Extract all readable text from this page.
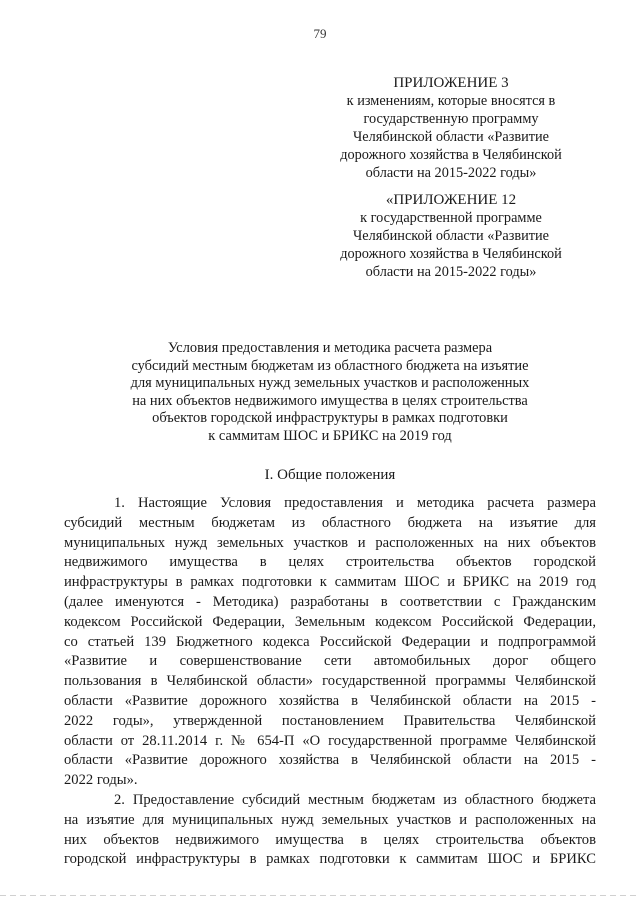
79
ПРИЛОЖЕНИЕ 3
к изменениям, которые вносятся в
государственную программу
Челябинской области «Развитие
дорожного хозяйства в Челябинской
области на 2015-2022 годы»
«ПРИЛОЖЕНИЕ 12
к государственной программе
Челябинской области «Развитие
дорожного хозяйства в Челябинской
области на 2015-2022 годы»
Условия предоставления и методика расчета размера
субсидий местным бюджетам из областного бюджета на изъятие
для муниципальных нужд земельных участков и расположенных
на них объектов недвижимого имущества в целях строительства
объектов городской инфраструктуры в рамках подготовки
к саммитам ШОС и БРИКС на 2019 год
I. Общие положения
1. Настоящие Условия предоставления и методика расчета размера
субсидий местным бюджетам из областного бюджета на изъятие для
муниципальных нужд земельных участков и расположенных на них объектов
недвижимого имущества в целях строительства объектов городской
инфраструктуры в рамках подготовки к саммитам ШОС и БРИКС на 2019 год
(далее именуются - Методика) разработаны в соответствии с Гражданским
кодексом Российской Федерации, Земельным кодексом Российской Федерации,
со статьей 139 Бюджетного кодекса Российской Федерации и подпрограммой
«Развитие и совершенствование сети автомобильных дорог общего
пользования в Челябинской области» государственной программы Челябинской
области «Развитие дорожного хозяйства в Челябинской области на 2015 -
2022 годы», утвержденной постановлением Правительства Челябинской
области от 28.11.2014 г. № 654-П «О государственной программе Челябинской
области «Развитие дорожного хозяйства в Челябинской области на 2015 -
2022 годы».
2. Предоставление субсидий местным бюджетам из областного бюджета
на изъятие для муниципальных нужд земельных участков и расположенных на
них объектов недвижимого имущества в целях строительства объектов
городской инфраструктуры в рамках подготовки к саммитам ШОС и БРИКС
